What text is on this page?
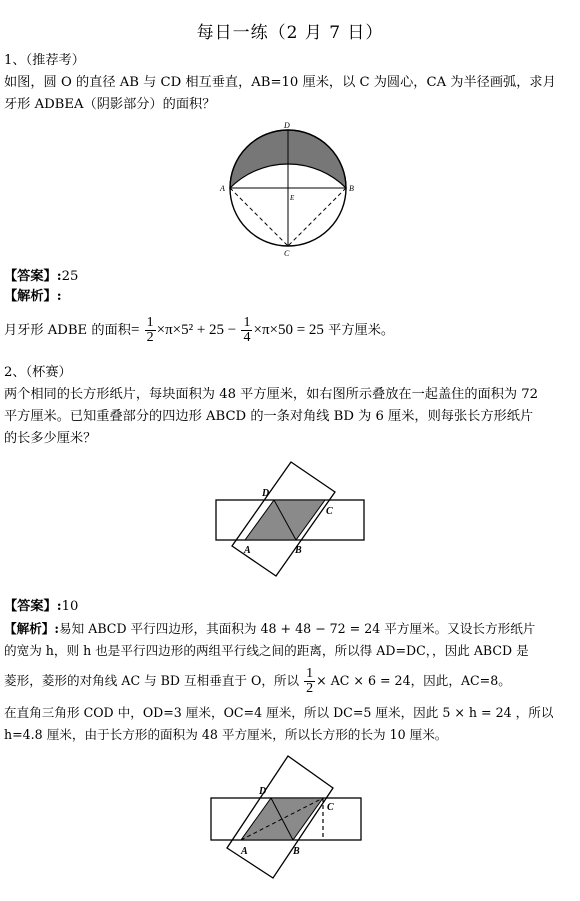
每日一练（2 月 7 日）
1、（推荐考）
如图，圆 O 的直径 AB 与 CD 相互垂直，AB=10 厘米，以 C 为圆心，CA 为半径画弧，求月
牙形 ADBEA（阴影部分）的面积？
D
A	B
E
C
【答案】:25
【解析】:
月牙形 ADBE 的面积= $\frac{1}{2} \times\pi\times 5^2 + 25 - \frac{1}{4} \times\pi\times 50 = 25$ 平方厘米。
2、（杯赛）
两个相同的长方形纸片，每块面积为 48 平方厘米，如右图所示叠放在一起盖住的面积为 72
平方厘米。已知重叠部分的四边形 ABCD 的一条对角线 BD 为 6 厘米，则每张长方形纸片
的长多少厘米？
D
C
A	B
【答案】:10
【解析】:易知 ABCD 平行四边形，其面积为 48 + 48 − 72 = 24 平方厘米。又设长方形纸片
的宽为 h，则 h 也是平行四边形的两组平行线之间的距离，所以得 AD=DC，，因此 ABCD 是
菱形，菱形的对角线 AC 与 BD 互相垂直于 O，所以 $\frac{1}{2}$ × AC × 6 = 24，因此，AC=8。
在直角三角形 COD 中，OD=3 厘米，OC=4 厘米，所以 DC=5 厘米，因此 5 × h = 24 ，所以
h=4.8 厘米，由于长方形的面积为 48 平方厘米，所以长方形的长为 10 厘米。
D
C
A	B
